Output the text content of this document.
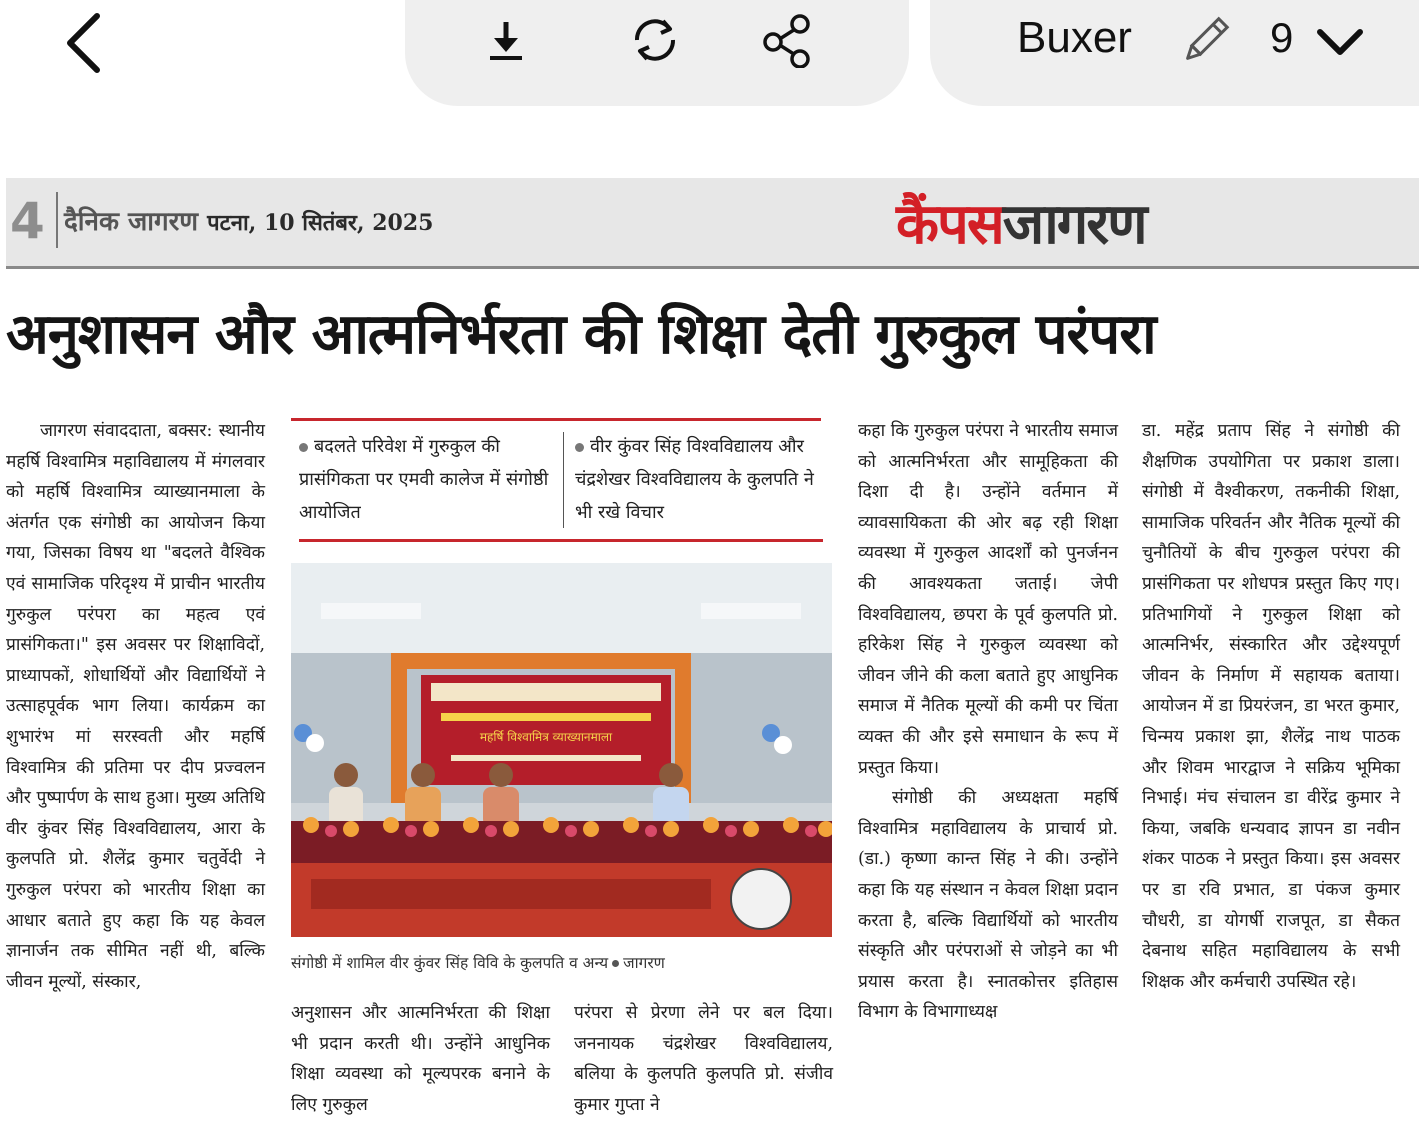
Buxer	9
4 दैनिक जागरण पटना, 10 सितंबर, 2025	कैंपसजागरण
अनुशासन और आत्मनिर्भरता की शिक्षा देती गुरुकुल परंपरा

जागरण संवाददाता, बक्सर: स्थानीय महर्षि विश्वामित्र महाविद्यालय में मंगलवार को महर्षि विश्वामित्र व्याख्यानमाला के अंतर्गत एक संगोष्ठी का आयोजन किया गया, जिसका विषय था "बदलते वैश्विक एवं सामाजिक परिदृश्य में प्राचीन भारतीय गुरुकुल परंपरा का महत्व एवं प्रासंगिकता।" इस अवसर पर शिक्षाविदों, प्राध्यापकों, शोधार्थियों और विद्यार्थियों ने उत्साहपूर्वक भाग लिया। कार्यक्रम का शुभारंभ मां सरस्वती और महर्षि विश्वामित्र की प्रतिमा पर दीप प्रज्वलन और पुष्पार्पण के साथ हुआ। मुख्य अतिथि वीर कुंवर सिंह विश्वविद्यालय, आरा के कुलपति प्रो. शैलेंद्र कुमार चतुर्वेदी ने गुरुकुल परंपरा को भारतीय शिक्षा का आधार बताते हुए कहा कि यह केवल ज्ञानार्जन तक सीमित नहीं थी, बल्कि जीवन मूल्यों, संस्कार,

बदलते परिवेश में गुरुकुल की प्रासंगिकता पर एमवी कालेज में संगोष्ठी आयोजित
वीर कुंवर सिंह विश्वविद्यालय और चंद्रशेखर विश्वविद्यालय के कुलपति ने भी रखे विचार
महर्षि विश्वामित्र व्याख्यानमाला
संगोष्ठी में शामिल वीर कुंवर सिंह विवि के कुलपति व अन्य जागरण

अनुशासन और आत्मनिर्भरता की शिक्षा भी प्रदान करती थी। उन्होंने आधुनिक शिक्षा व्यवस्था को मूल्यपरक बनाने के लिए गुरुकुल

परंपरा से प्रेरणा लेने पर बल दिया। जननायक चंद्रशेखर विश्वविद्यालय, बलिया के कुलपति कुलपति प्रो. संजीव कुमार गुप्ता ने

कहा कि गुरुकुल परंपरा ने भारतीय समाज को आत्मनिर्भरता और सामूहिकता की दिशा दी है। उन्होंने वर्तमान में व्यावसायिकता की ओर बढ़ रही शिक्षा व्यवस्था में गुरुकुल आदर्शों को पुनर्जनन की आवश्यकता जताई। जेपी विश्वविद्यालय, छपरा के पूर्व कुलपति प्रो. हरिकेश सिंह ने गुरुकुल व्यवस्था को जीवन जीने की कला बताते हुए आधुनिक समाज में नैतिक मूल्यों की कमी पर चिंता व्यक्त की और इसे समाधान के रूप में प्रस्तुत किया।

संगोष्ठी की अध्यक्षता महर्षि विश्वामित्र महाविद्यालय के प्राचार्य प्रो. (डा.) कृष्णा कान्त सिंह ने की। उन्होंने कहा कि यह संस्थान न केवल शिक्षा प्रदान करता है, बल्कि विद्यार्थियों को भारतीय संस्कृति और परंपराओं से जोड़ने का भी प्रयास करता है। स्नातकोत्तर इतिहास विभाग के विभागाध्यक्ष

डा. महेंद्र प्रताप सिंह ने संगोष्ठी की शैक्षणिक उपयोगिता पर प्रकाश डाला। संगोष्ठी में वैश्वीकरण, तकनीकी शिक्षा, सामाजिक परिवर्तन और नैतिक मूल्यों की चुनौतियों के बीच गुरुकुल परंपरा की प्रासंगिकता पर शोधपत्र प्रस्तुत किए गए। प्रतिभागियों ने गुरुकुल शिक्षा को आत्मनिर्भर, संस्कारित और उद्देश्यपूर्ण जीवन के निर्माण में सहायक बताया। आयोजन में डा प्रियरंजन, डा भरत कुमार, चिन्मय प्रकाश झा, शैलेंद्र नाथ पाठक और शिवम भारद्वाज ने सक्रिय भूमिका निभाई। मंच संचालन डा वीरेंद्र कुमार ने किया, जबकि धन्यवाद ज्ञापन डा नवीन शंकर पाठक ने प्रस्तुत किया। इस अवसर पर डा रवि प्रभात, डा पंकज कुमार चौधरी, डा योगर्षी राजपूत, डा सैकत देबनाथ सहित महाविद्यालय के सभी शिक्षक और कर्मचारी उपस्थित रहे।
